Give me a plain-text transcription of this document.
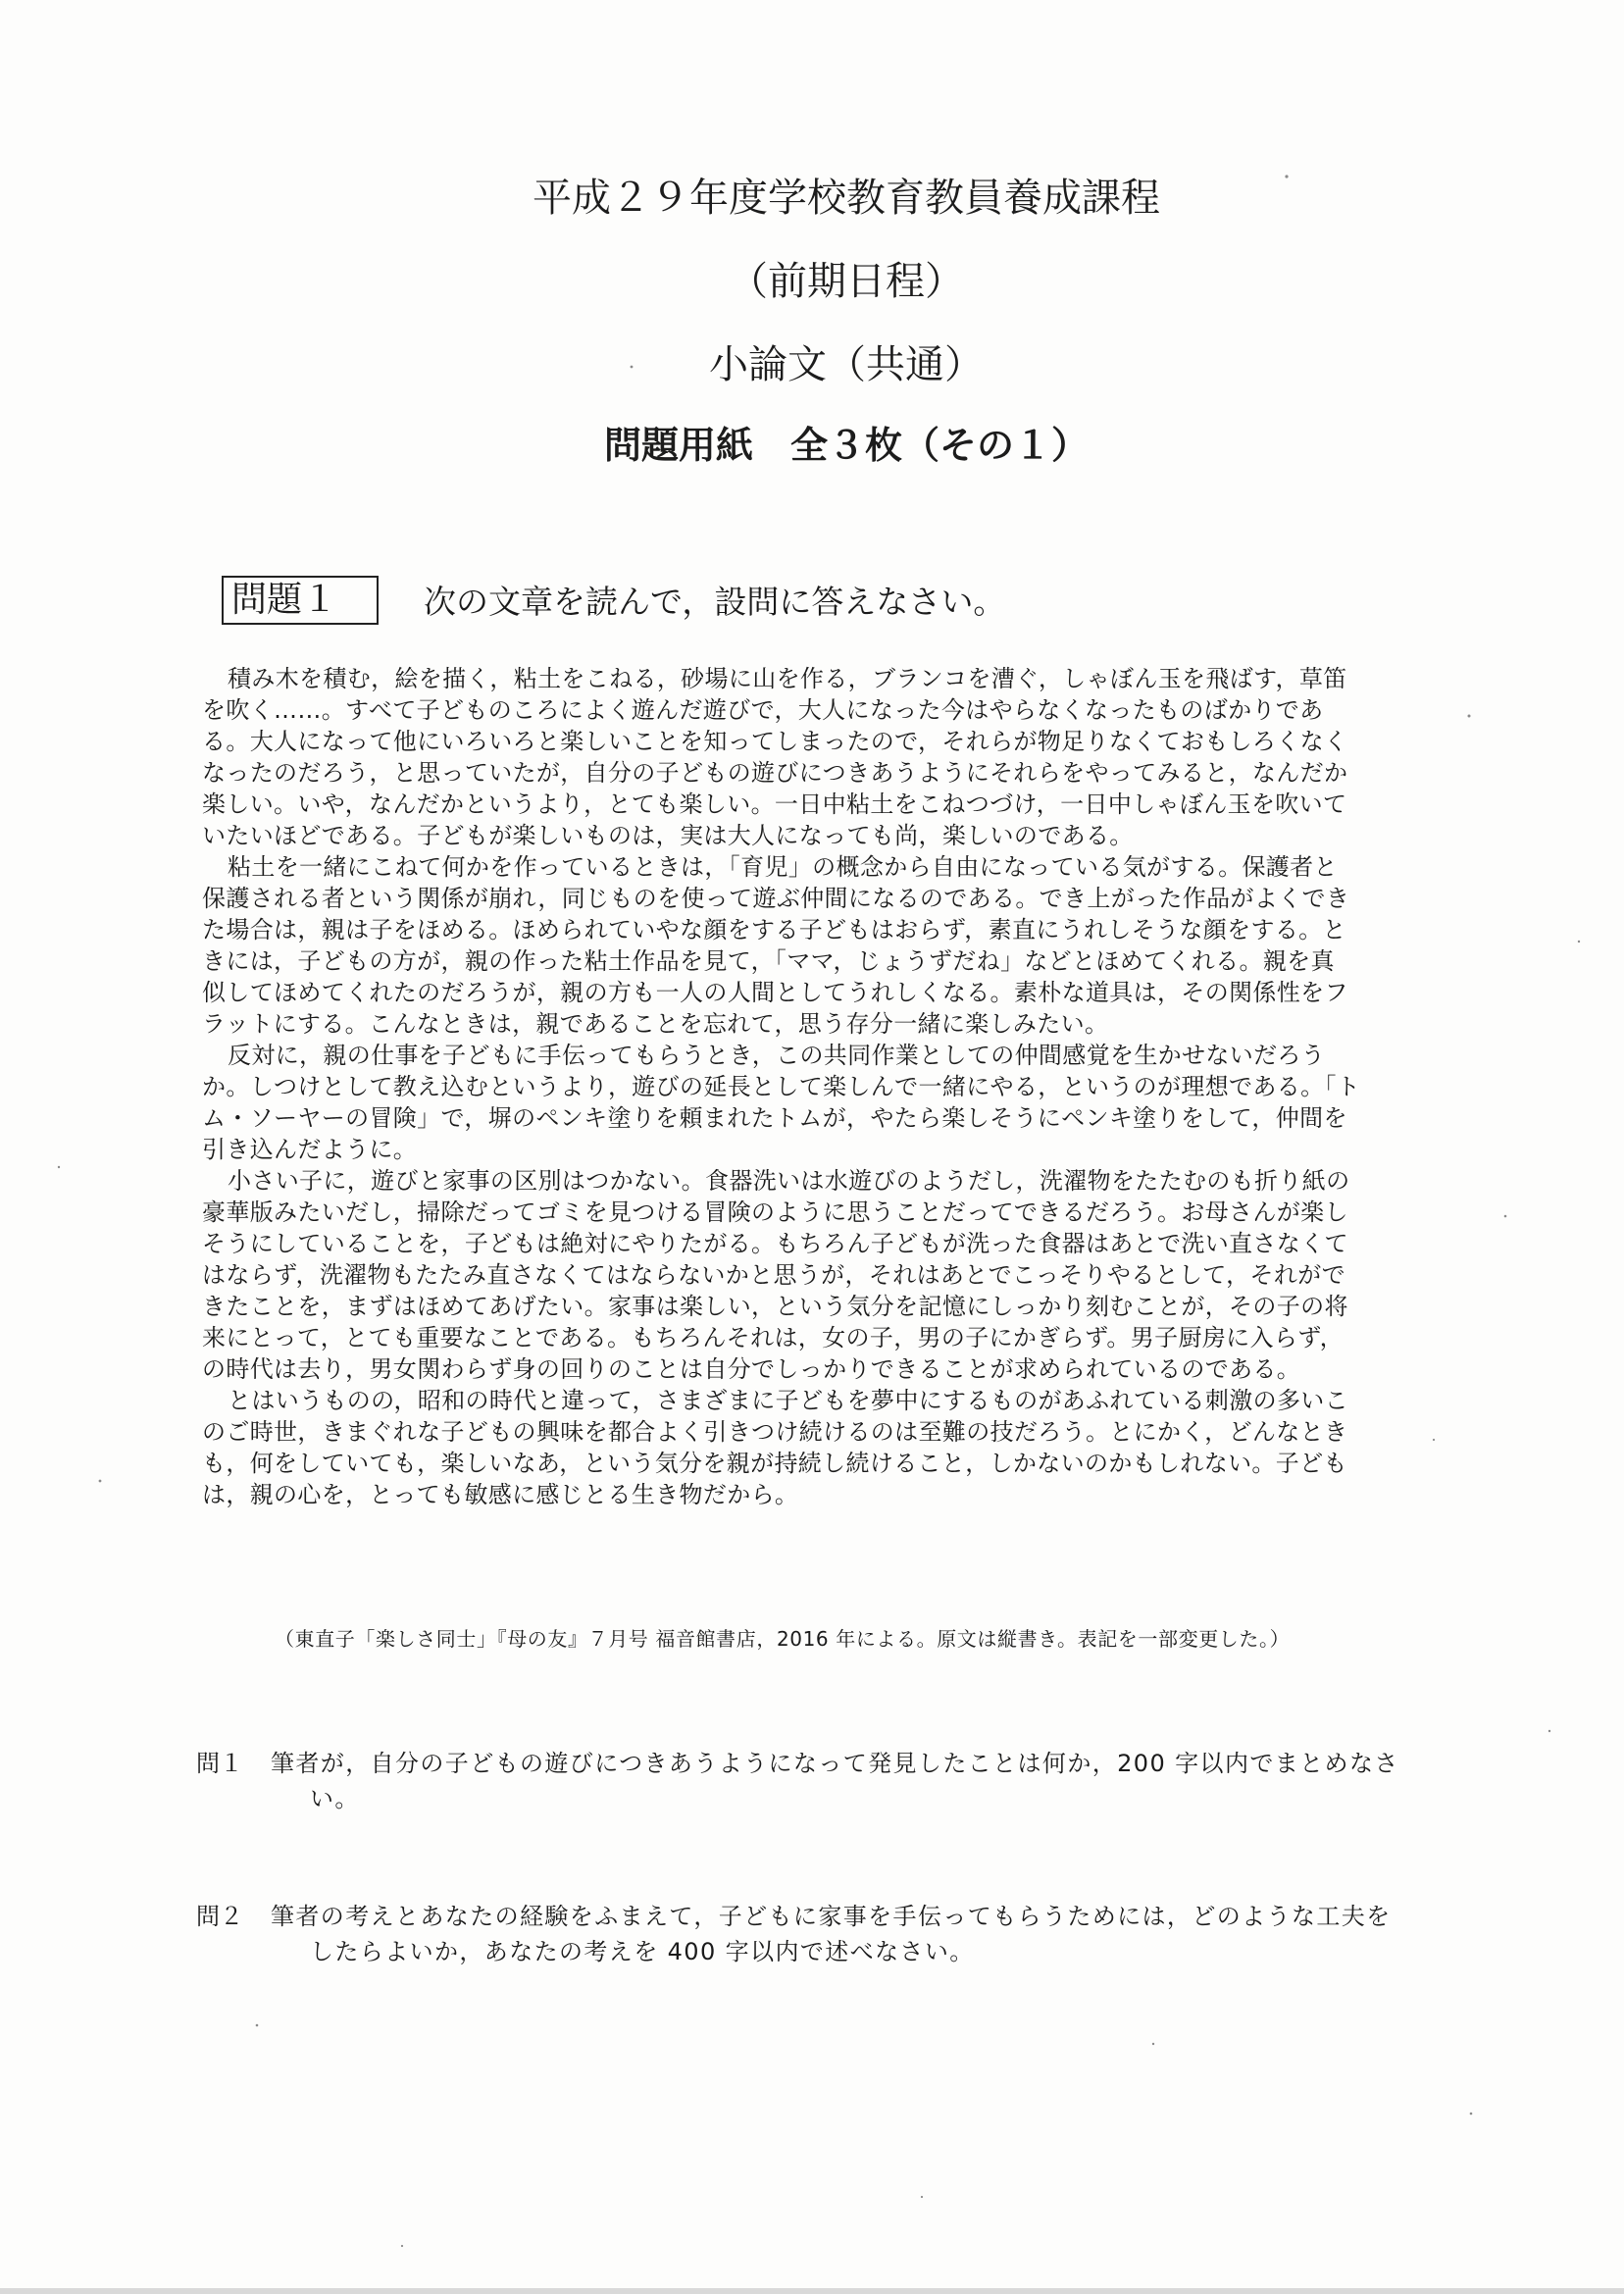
平成２９年度学校教育教員養成課程
（前期日程）
小論文（共通）
問題用紙　全３枚（その１）
問題１	次の文章を読んで，設問に答えなさい。
積み木を積む，絵を描く，粘土をこねる，砂場に山を作る，ブランコを漕ぐ，しゃぼん玉を飛ばす，草笛
を吹く……。すべて子どものころによく遊んだ遊びで，大人になった今はやらなくなったものばかりであ
る。大人になって他にいろいろと楽しいことを知ってしまったので，それらが物足りなくておもしろくなく
なったのだろう，と思っていたが，自分の子どもの遊びにつきあうようにそれらをやってみると，なんだか
楽しい。いや，なんだかというより，とても楽しい。一日中粘土をこねつづけ，一日中しゃぼん玉を吹いて
いたいほどである。子どもが楽しいものは，実は大人になっても尚，楽しいのである。
粘土を一緒にこねて何かを作っているときは，「育児」の概念から自由になっている気がする。保護者と
保護される者という関係が崩れ，同じものを使って遊ぶ仲間になるのである。でき上がった作品がよくでき
た場合は，親は子をほめる。ほめられていやな顔をする子どもはおらず，素直にうれしそうな顔をする。と
きには，子どもの方が，親の作った粘土作品を見て，「ママ，じょうずだね」などとほめてくれる。親を真
似してほめてくれたのだろうが，親の方も一人の人間としてうれしくなる。素朴な道具は，その関係性をフ
ラットにする。こんなときは，親であることを忘れて，思う存分一緒に楽しみたい。
反対に，親の仕事を子どもに手伝ってもらうとき，この共同作業としての仲間感覚を生かせないだろう
か。しつけとして教え込むというより，遊びの延長として楽しんで一緒にやる，というのが理想である。「ト
ム・ソーヤーの冒険」で，塀のペンキ塗りを頼まれたトムが，やたら楽しそうにペンキ塗りをして，仲間を
引き込んだように。
小さい子に，遊びと家事の区別はつかない。食器洗いは水遊びのようだし，洗濯物をたたむのも折り紙の
豪華版みたいだし，掃除だってゴミを見つける冒険のように思うことだってできるだろう。お母さんが楽し
そうにしていることを，子どもは絶対にやりたがる。もちろん子どもが洗った食器はあとで洗い直さなくて
はならず，洗濯物もたたみ直さなくてはならないかと思うが，それはあとでこっそりやるとして，それがで
きたことを，まずはほめてあげたい。家事は楽しい，という気分を記憶にしっかり刻むことが，その子の将
来にとって，とても重要なことである。もちろんそれは，女の子，男の子にかぎらず。男子厨房に入らず，
の時代は去り，男女関わらず身の回りのことは自分でしっかりできることが求められているのである。
とはいうものの，昭和の時代と違って，さまざまに子どもを夢中にするものがあふれている刺激の多いこ
のご時世，きまぐれな子どもの興味を都合よく引きつけ続けるのは至難の技だろう。とにかく，どんなとき
も，何をしていても，楽しいなあ，という気分を親が持続し続けること，しかないのかもしれない。子ども
は，親の心を，とっても敏感に感じとる生き物だから。
（東直子「楽しさ同士」『母の友』７月号 福音館書店，2016 年による。原文は縦書き。表記を一部変更した。）
問１	筆者が，自分の子どもの遊びにつきあうようになって発見したことは何か，200 字以内でまとめなさ
い。
問２	筆者の考えとあなたの経験をふまえて，子どもに家事を手伝ってもらうためには，どのような工夫を
したらよいか，あなたの考えを 400 字以内で述べなさい。
